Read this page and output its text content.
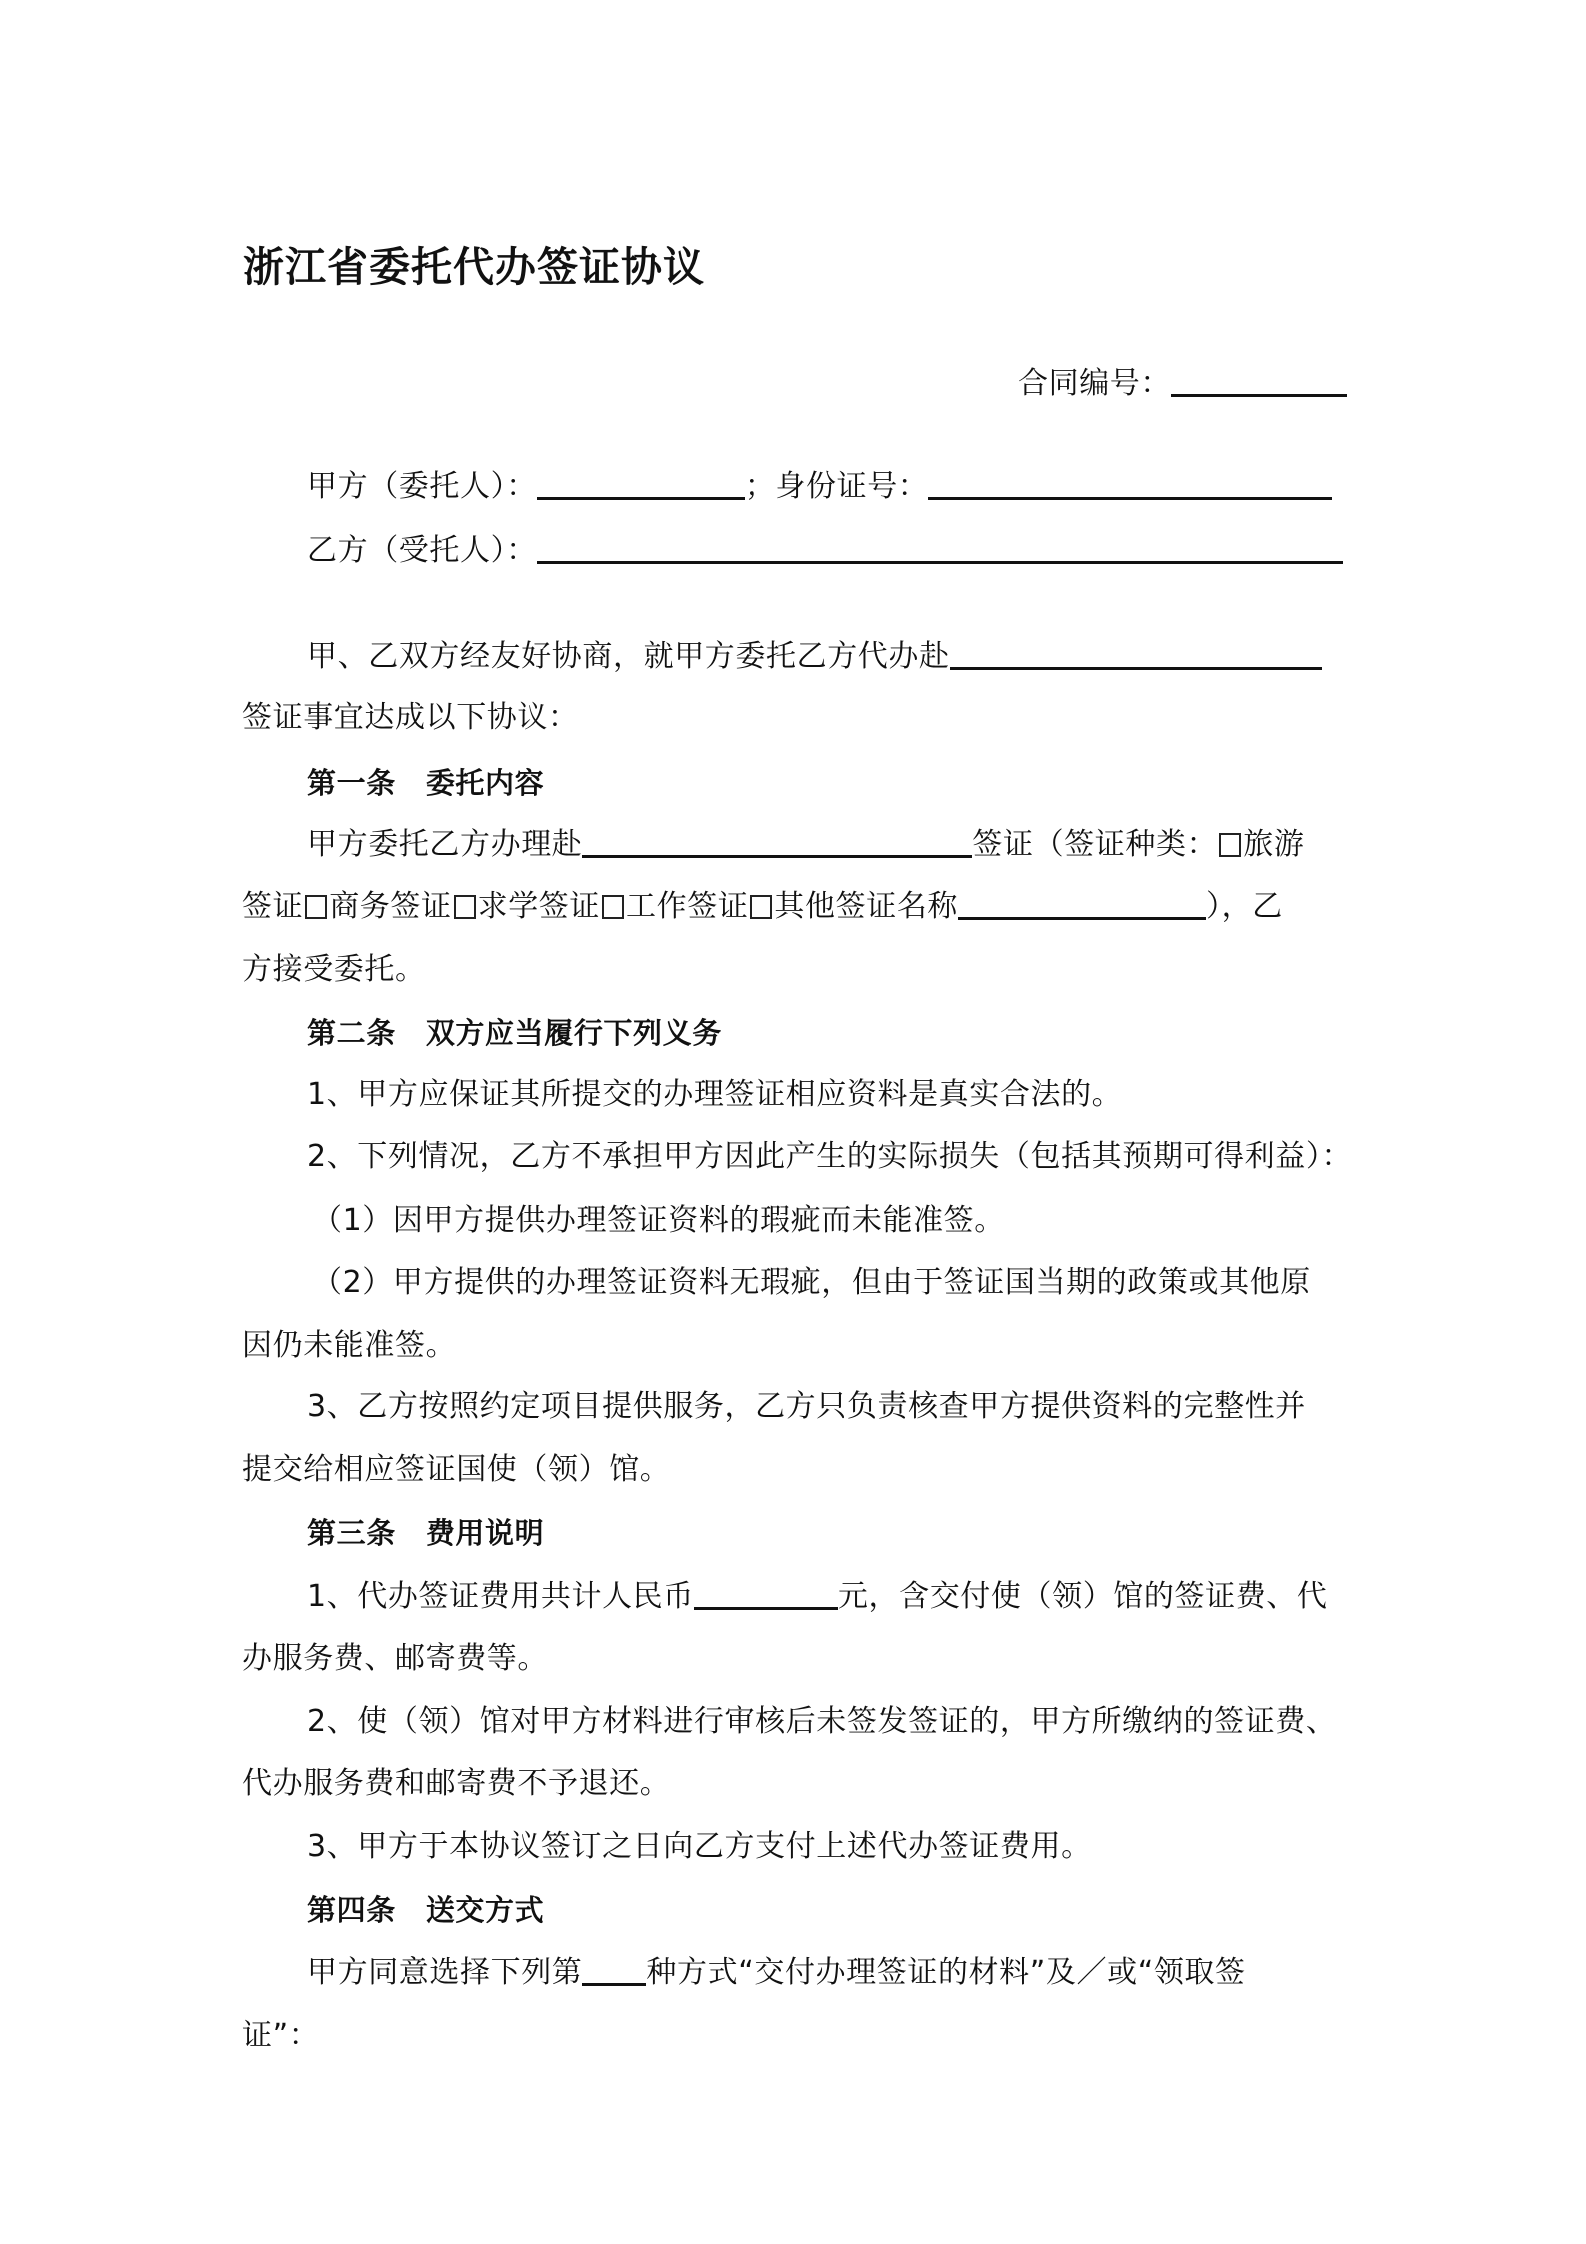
浙江省委托代办签证协议
合同编号：
甲方（委托人）：	；身份证号：
乙方（受托人）：
甲、乙双方经友好协商，就甲方委托乙方代办赴
签证事宜达成以下协议：
第一条 委托内容
甲方委托乙方办理赴	签证（签证种类： 旅游
签证 商务签证 求学签证 工作签证 其他签证名称	），乙
方接受委托。
第二条 双方应当履行下列义务
1、甲方应保证其所提交的办理签证相应资料是真实合法的。
2、下列情况，乙方不承担甲方因此产生的实际损失（包括其预期可得利益）：
（1）因甲方提供办理签证资料的瑕疵而未能准签。
（2）甲方提供的办理签证资料无瑕疵，但由于签证国当期的政策或其他原
因仍未能准签。
3、乙方按照约定项目提供服务，乙方只负责核查甲方提供资料的完整性并
提交给相应签证国使（领）馆。
第三条 费用说明
1、代办签证费用共计人民币	元，含交付使（领）馆的签证费、代
办服务费、邮寄费等。
2、使（领）馆对甲方材料进行审核后未签发签证的，甲方所缴纳的签证费、
代办服务费和邮寄费不予退还。
3、甲方于本协议签订之日向乙方支付上述代办签证费用。
第四条 送交方式
甲方同意选择下列第 种方式“交付办理签证的材料”及／或“领取签
证”：
